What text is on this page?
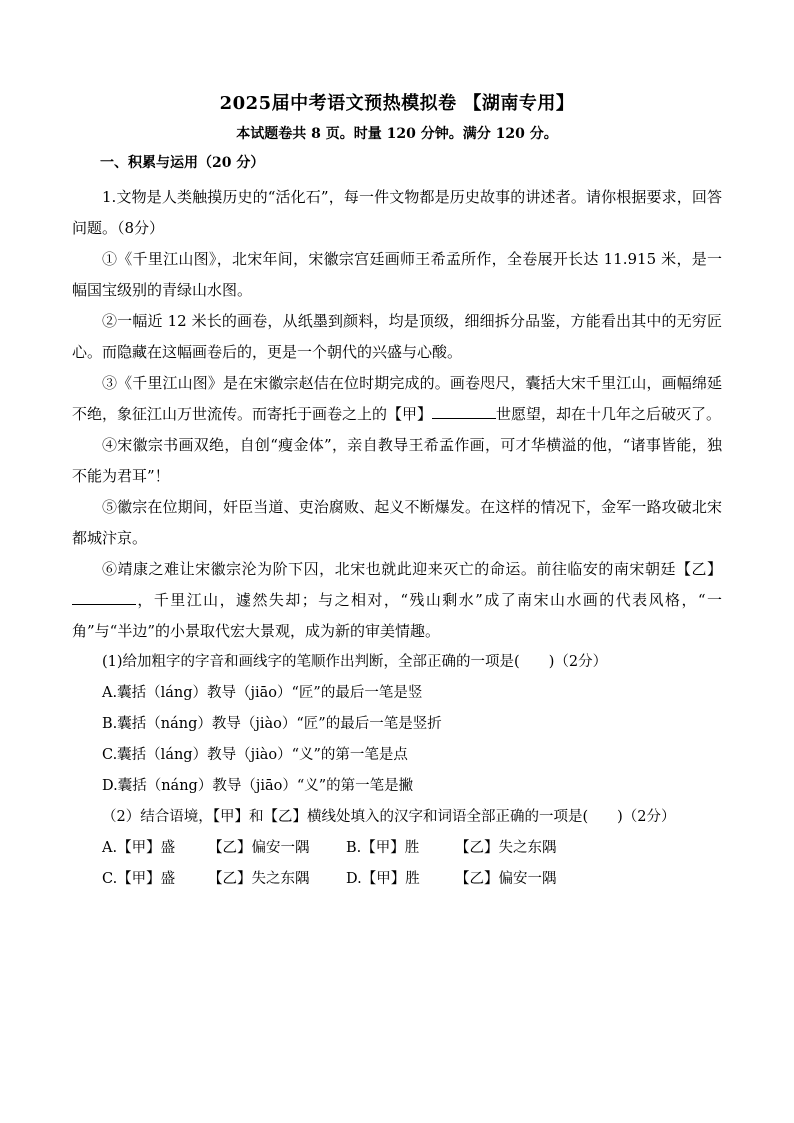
2025届中考语文预热模拟卷 【湖南专用】
本试题卷共 8 页。时量 120 分钟。满分 120 分。
一、积累与运用（20 分）

1.文物是人类触摸历史的“活化石”，每一件文物都是历史故事的讲述者。请你根据要求，回答问题。（8分）

①《千里江山图》，北宋年间，宋徽宗宫廷画师王希孟所作，全卷展开长达 11.915 米，是一幅国宝级别的青绿山水图。

②一幅近 12 米长的画卷，从纸墨到颜料，均是顶级，细细拆分品鉴，方能看出其中的无穷匠心。而隐藏在这幅画卷后的，更是一个朝代的兴盛与心酸。

③《千里江山图》是在宋徽宗赵佶在位时期完成的。画卷咫尺，囊括大宋千里江山，画幅绵延不绝，象征江山万世流传。而寄托于画卷之上的【甲】	世愿望，却在十几年之后破灭了。

④宋徽宗书画双绝，自创“瘦金体”，亲自教导王希孟作画，可才华横溢的他，“诸事皆能，独不能为君耳”！

⑤徽宗在位期间，奸臣当道、吏治腐败、起义不断爆发。在这样的情况下，金军一路攻破北宋都城汴京。

⑥靖康之难让宋徽宗沦为阶下囚，北宋也就此迎来灭亡的命运。前往临安的南宋朝廷【乙】，千里江山，遽然失却；与之相对，“残山剩水”成了南宋山水画的代表风格，“一角”与“半边”的小景取代宏大景观，成为新的审美情趣。

(1)给加粗字的字音和画线字的笔顺作出判断，全部正确的一项是(　　)（2分）

A.囊括（láng）教导（jiāo）“匠”的最后一笔是竖

B.囊括（náng）教导（jiào）“匠”的最后一笔是竖折

C.囊括（láng）教导（jiào）“义”的第一笔是点

D.囊括（náng）教导（jiāo）“义”的第一笔是撇

（2）结合语境，【甲】和【乙】横线处填入的汉字和词语全部正确的一项是(　　)（2分）

A.【甲】盛	【乙】偏安一隅	B.【甲】胜	【乙】失之东隅
C.【甲】盛	【乙】失之东隅	D.【甲】胜	【乙】偏安一隅
